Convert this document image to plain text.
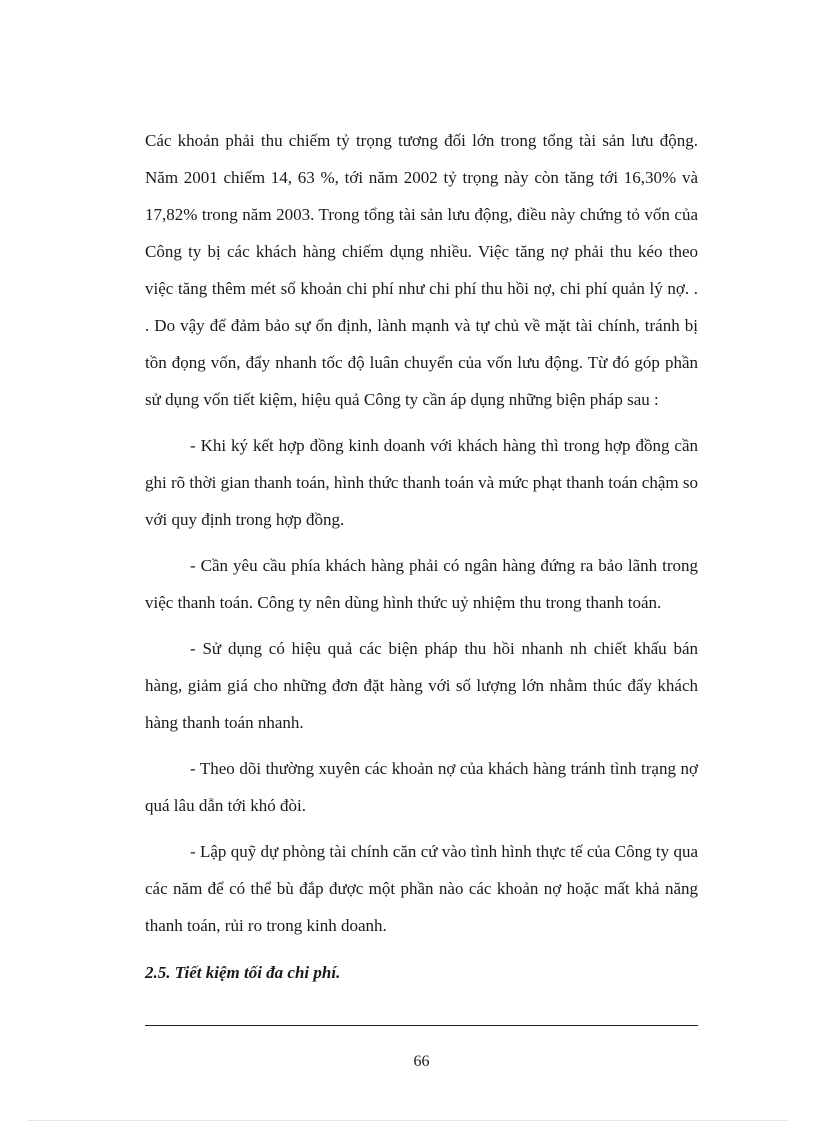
Các khoản phải thu chiếm tỷ trọng tương đối lớn trong tổng tài sản lưu động. Năm 2001 chiếm 14, 63 %, tới năm 2002 tỷ trọng này còn tăng tới 16,30% và 17,82% trong năm 2003. Trong tổng tài sản lưu động, điều này chứng tỏ vốn của Công ty bị các khách hàng chiếm dụng nhiều. Việc tăng nợ phải thu kéo theo việc tăng thêm mét số khoản chi phí như chi phí thu hồi nợ, chi phí quản lý nợ. . . Do vậy để đảm bảo sự ổn định, lành mạnh và tự chủ về mặt tài chính, tránh bị tồn đọng vốn, đẩy nhanh tốc độ luân chuyển của vốn lưu động. Từ đó góp phần sử dụng vốn tiết kiệm, hiệu quả Công ty cần áp dụng những biện pháp sau :

- Khi ký kết hợp đồng kinh doanh với khách hàng thì trong hợp đồng cần ghi rõ thời gian thanh toán, hình thức thanh toán và mức phạt thanh toán chậm so với quy định trong hợp đồng.

- Cần yêu cầu phía khách hàng phải có ngân hàng đứng ra bảo lãnh trong việc thanh toán. Công ty nên dùng hình thức uỷ nhiệm thu trong thanh toán.

- Sử dụng có hiệu quả các biện pháp thu hồi nhanh nh chiết khấu bán hàng, giảm giá cho những đơn đặt hàng với số lượng lớn nhằm thúc đẩy khách hàng thanh toán nhanh.

- Theo dõi thường xuyên các khoản nợ của khách hàng tránh tình trạng nợ quá lâu dẫn tới khó đòi.

- Lập quỹ dự phòng tài chính căn cứ vào tình hình thực tế của Công ty qua các năm để có thể bù đắp được một phần nào các khoản nợ hoặc mất khả năng thanh toán, rủi ro trong kinh doanh.

2.5. Tiết kiệm tối đa chi phí.
66
